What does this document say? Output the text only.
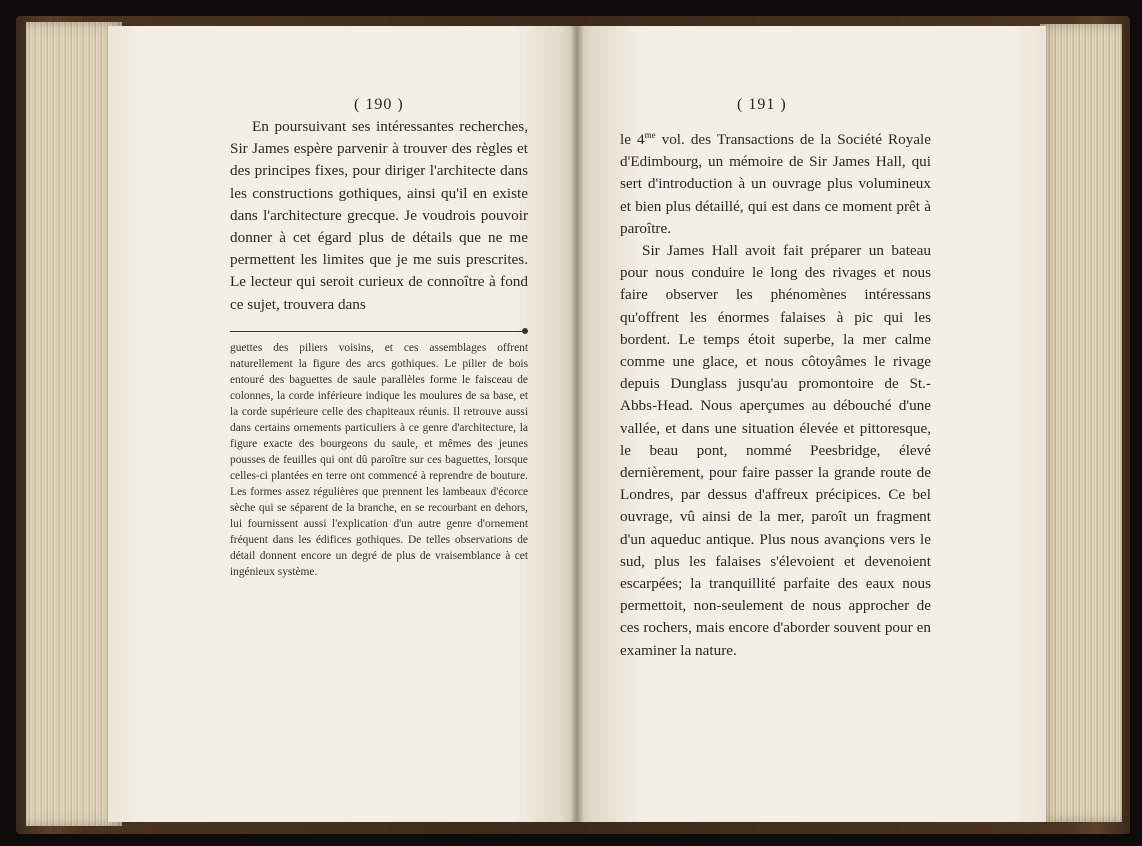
( 190 )

En poursuivant ses intéressantes recherches, Sir James espère parvenir à trouver des règles et des principes fixes, pour diriger l'architecte dans les constructions gothiques, ainsi qu'il en existe dans l'architecture grecque. Je voudrois pouvoir donner à cet égard plus de détails que ne me permettent les limites que je me suis prescrites. Le lecteur qui seroit curieux de connoître à fond ce sujet, trouvera dans

guettes des piliers voisins, et ces assemblages offrent naturellement la figure des arcs gothiques. Le pilier de bois entouré des baguettes de saule parallèles forme le faisceau de colonnes, la corde inférieure indique les moulures de sa base, et la corde supérieure celle des chapiteaux réunis. Il retrouve aussi dans certains ornements particuliers à ce genre d'architecture, la figure exacte des bourgeons du saule, et mêmes des jeunes pousses de feuilles qui ont dû paroître sur ces baguettes, lorsque celles-ci plantées en terre ont commencé à reprendre de bouture. Les formes assez régulières que prennent les lambeaux d'écorce sèche qui se séparent de la branche, en se recourbant en dehors, lui fournissent aussi l'explication d'un autre genre d'ornement fréquent dans les édifices gothiques. De telles observations de détail donnent encore un degré de plus de vraisemblance à cet ingénieux système.
( 191 )

le $4^{me}$ vol. des Transactions de la Société Royale d'Edimbourg, un mémoire de Sir James Hall, qui sert d'introduction à un ouvrage plus volumineux et bien plus détaillé, qui est dans ce moment prêt à paroître.

Sir James Hall avoit fait préparer un bateau pour nous conduire le long des rivages et nous faire observer les phénomènes intéressans qu'offrent les énormes falaises à pic qui les bordent. Le temps étoit superbe, la mer calme comme une glace, et nous côtoyâmes le rivage depuis Dunglass jusqu'au promontoire de St.-Abbs-Head. Nous aperçumes au débouché d'une vallée, et dans une situation élevée et pittoresque, le beau pont, nommé Peesbridge, élevé dernièrement, pour faire passer la grande route de Londres, par dessus d'affreux précipices. Ce bel ouvrage, vû ainsi de la mer, paroît un fragment d'un aqueduc antique. Plus nous avançions vers le sud, plus les falaises s'élevoient et devenoient escarpées; la tranquillité parfaite des eaux nous permettoit, non-seulement de nous approcher de ces rochers, mais encore d'aborder souvent pour en examiner la nature.
